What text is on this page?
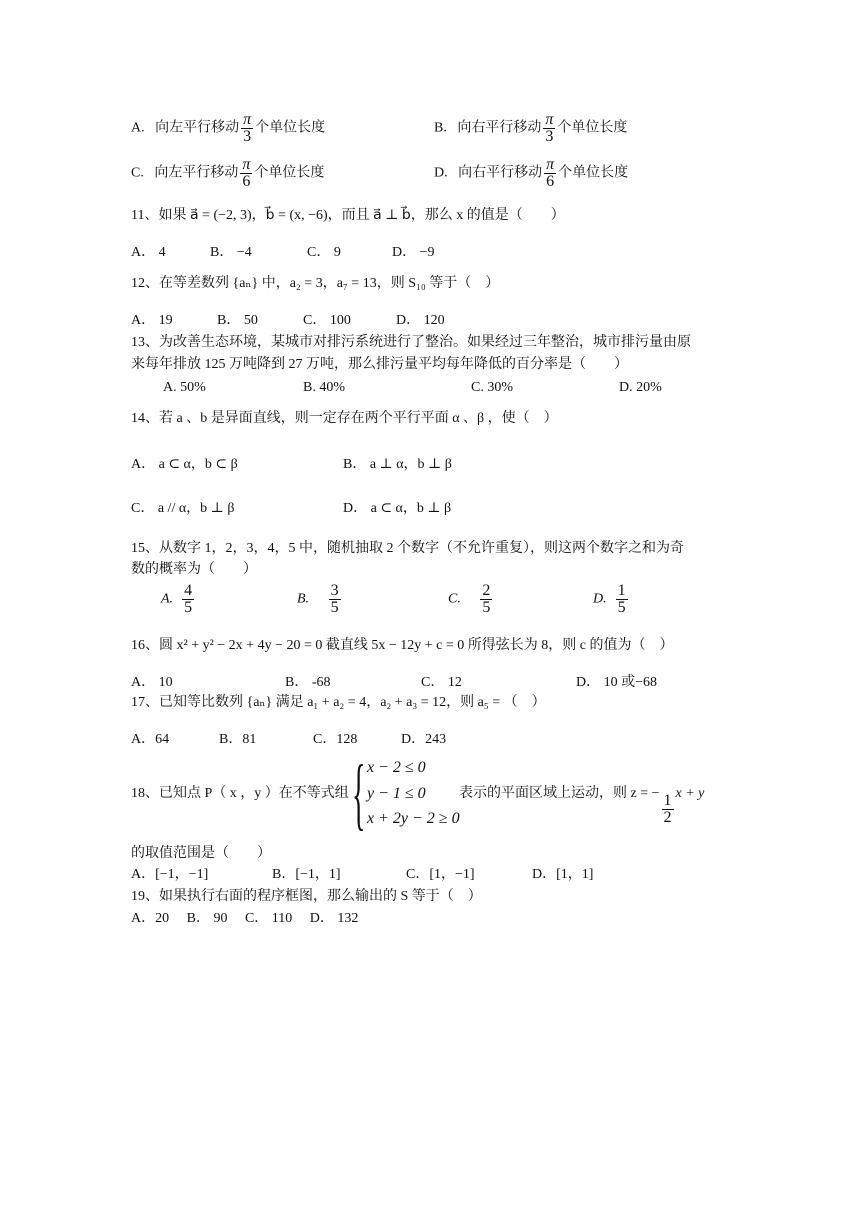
A. 向左平行移动 $\frac{\pi}{3}$ 个单位长度	B. 向右平行移动 $\frac{\pi}{3}$ 个单位长度
C. 向左平行移动 $\frac{\pi}{6}$ 个单位长度	D. 向右平行移动 $\frac{\pi}{6}$ 个单位长度
11、如果 a⃗ = (−2, 3)，b⃗ = (x, −6)，而且 a⃗ ⊥ b⃗，那么 x 的值是（　　）
A． 4	B． −4	C． 9	D． −9
12、在等差数列 {aₙ} 中，a₂ = 3，a₇ = 13，则 S₁₀ 等于（　）
A． 19	B． 50	C． 100	D． 120
13、为改善生态环境，某城市对排污系统进行了整治。如果经过三年整治，城市排污量由原
来每年排放 125 万吨降到 27 万吨，那么排污量平均每年降低的百分率是（　　）
A. 50%	B. 40%	C. 30%	D. 20%
14、若 a 、b 是异面直线，则一定存在两个平行平面 α 、β ，使（　）
A． a ⊂ α，b ⊂ β	B． a ⊥ α，b ⊥ β
C． a // α，b ⊥ β	D． a ⊂ α，b ⊥ β
15、从数字 1，2，3，4，5 中，随机抽取 2 个数字（不允许重复），则这两个数字之和为奇
数的概率为（　　）
A. $\frac{4}{5}$	B. $\frac{3}{5}$	C. $\frac{2}{5}$	D. $\frac{1}{5}$
16、圆 x² + y² − 2x + 4y − 20 = 0 截直线 5x − 12y + c = 0 所得弦长为 8，则 c 的值为（　）
A． 10	B． -68	C． 12	D． 10 或−68
17、已知等比数列 {aₙ} 满足 a₁ + a₂ = 4，a₂ + a₃ = 12，则 a₅ = （　）
A．64	B．81	C．128	D．243
18、已知点 P（ x ，y ）在不等式组 { x − 2 ≤ 0
y − 1 ≤ 0
x + 2y − 2 ≥ 0
表示的平面区域上运动，则 z = − $\frac{1}{2}$ x + y
的取值范围是（　　）
A．[−1，−1]	B．[−1，1]	C．[1，−1]	D．[1，1]
19、如果执行右面的程序框图，那么输出的 S 等于（　）
A．20　 B． 90　 C． 110　 D． 132
